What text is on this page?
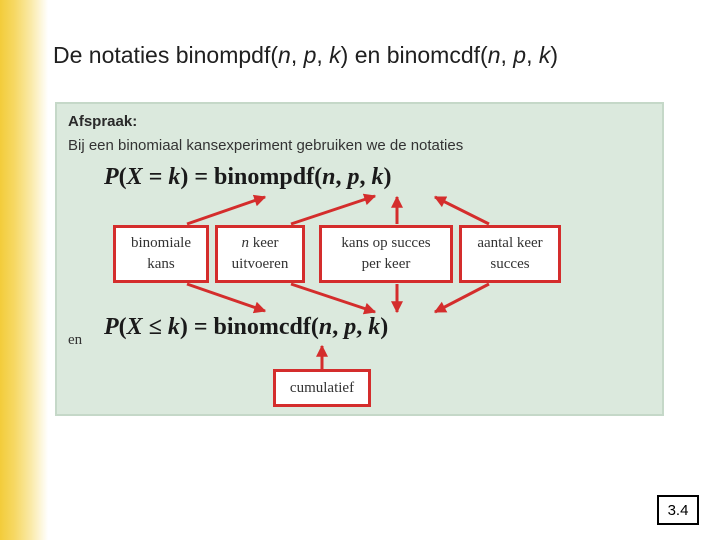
De notaties binompdf(n, p, k) en binomcdf(n, p, k)
Afspraak:
Bij een binomiaal kansexperiment gebruiken we de notaties
P(X = k) = binompdf(n, p, k)
P(X ≤ k) = binomcdf(n, p, k)
en
binomiale
kans
n keer
uitvoeren
kans op succes
per keer
aantal keer
succes
cumulatief
3.4
